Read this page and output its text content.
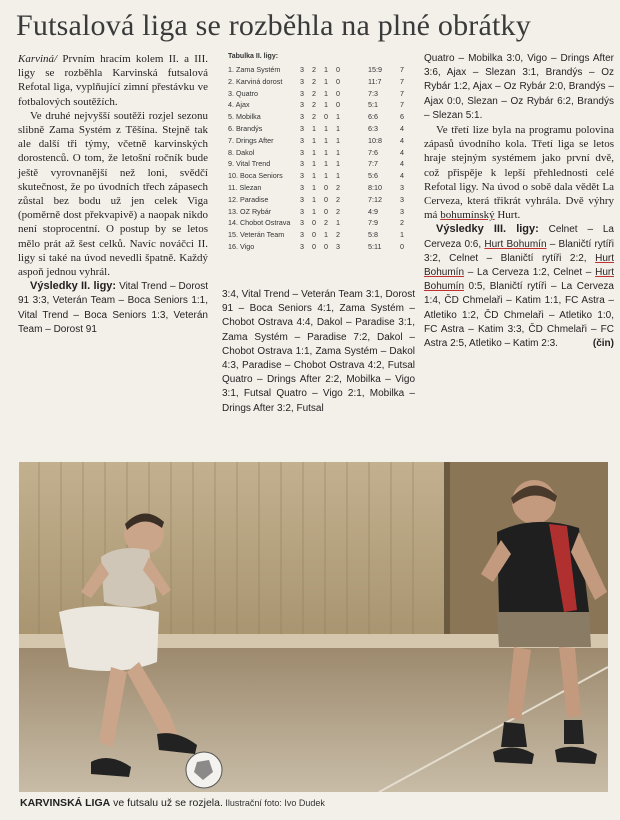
Futsalová liga se rozběhla na plné obrátky

Karviná/ Prvním hracím kolem II. a III. ligy se rozběhla Karvinská futsalová Refotal liga, vyplňující zimní přestávku ve fotbalových soutěžích.

Ve druhé nejvyšší soutěži rozjel sezonu slibně Zama Systém z Těšína. Stejně tak ale další tři týmy, včetně karvinských dorostenců. O tom, že letošní ročník bude ještě vyrovnanější než loni, svědčí skutečnost, že po úvodních třech zápasech zůstal bez bodu už jen celek Viga (poměrně dost překvapivě) a naopak nikdo není stoprocentní. O postup by se letos mělo prát až šest celků. Navíc nováčci II. ligy si také na úvod nevedli špatně. Každý aspoň jednou vyhrál.

Výsledky II. ligy: Vital Trend – Dorost 91 3:3, Veterán Team – Boca Seniors 1:1, Vital Trend – Boca Seniors 1:3, Veterán Team – Dorost 91

Tabulka II. ligy:
1. Zama Systém	3 2 1 0	15:9	7
2. Karviná dorost 3 2 1 0	11:7	7
3. Quatro	3 2 1 0	7:3	7
4. Ajax	3 2 1 0	5:1	7
5. Mobilka	3 2 0 1	6:6	6
6. Brandýs	3 1 1 1	6:3	4
7. Drings After	3 1 1 1	10:8	4
8. Dakol	3 1 1 1	7:6	4
9. Vital Trend	3 1 1 1	7:7	4
10. Boca Seniors 3 1 1 1	5:6	4
11. Slezan	3 1 0 2	8:10	3
12. Paradise	3 1 0 2	7:12	3
13. OZ Rybár	3 1 0 2	4:9	3
14. Chobot Ostrava 3 0 2 1	7:9	2
15. Veterán Team 3 0 1 2	5:8	1
16. Vigo	3 0 0 3	5:11	0

3:4, Vital Trend – Veterán Team 3:1, Dorost 91 – Boca Seniors 4:1, Zama Systém – Chobot Ostrava 4:4, Dakol – Paradise 3:1, Zama Systém – Paradise 7:2, Dakol – Chobot Ostrava 1:1, Zama Systém – Dakol 4:3, Paradise – Chobot Ostrava 4:2, Futsal Quatro – Drings After 2:2, Mobilka – Vigo 3:1, Futsal Quatro – Vigo 2:1, Mobilka – Drings After 3:2, Futsal

Quatro – Mobilka 3:0, Vigo – Drings After 3:6, Ajax – Slezan 3:1, Brandýs – Oz Rybár 1:2, Ajax – Oz Rybár 2:0, Brandýs – Ajax 0:0, Slezan – Oz Rybár 6:2, Brandýs – Slezan 5:1.

Ve třetí lize byla na programu polovina zápasů úvodního kola. Třetí liga se letos hraje stejným systémem jako první dvě, což přispěje k lepší přehlednosti celé Refotal ligy. Na úvod o sobě dala vědět La Cerveza, která třikrát vyhrála. Dvě výhry má bohumínský Hurt.

Výsledky III. ligy: Celnet – La Cerveza 0:6, Hurt Bohumín – Blaničtí rytíři 3:2, Celnet – Blaničtí rytíři 2:2, Hurt Bohumín – La Cerveza 1:2, Celnet – Hurt Bohumín 0:5, Blaničtí rytíři – La Cerveza 1:4, ČD Chmelaři – Katim 1:1, FC Astra – Atletiko 1:2, ČD Chmelaři – Atletiko 1:0, FC Astra – Katim 3:3, ČD Chmelaři – FC Astra 2:5, Atletiko – Katim 2:3.	(čin)

KARVINSKÁ LIGA ve futsalu už se rozjela. Ilustrační foto: Ivo Dudek
